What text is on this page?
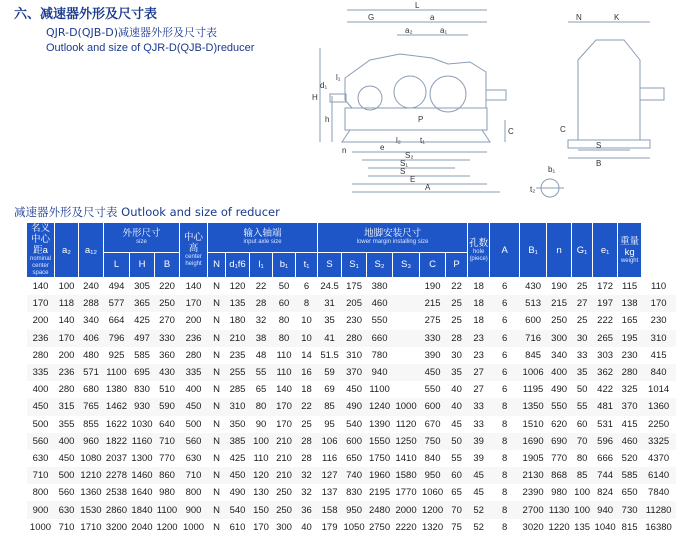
六、减速器外形及尺寸表
QJR-D(QJB-D)减速器外形及尺寸表
Outlook and size of QJR-D(QJB-D)reducer
L
G	a
a₂	a₁
H
h	P
S₁
S₂
S
E
A
n	e
l₁
l₂
d₁
t₁
C
N	K
S
B
b₁
t₂
C
减速器外形及尺寸表 Outlook and size of reducer
名义中心距a
nominal center space	a₂	a₁₂	外形尺寸
size			中心高
center height	输入轴端
input axle size					地脚安装尺寸
lower margin installing size						孔数
hole (piece)	A	B₁	n	G₁	e₁	重量kg
weight	

			L	H	B		N	d₁f6	l₁	b₁	t₁	S	S₁	S₂	S₃	C	P								
140	100	240	494	305	220	140	N	120	22	50	6	24.5	175	380		190	22	18	6	430	190	25	172	115	110
170	118	288	577	365	250	170	N	135	28	60	8	31	205	460		215	25	18	6	513	215	27	197	138	170
200	140	340	664	425	270	200	N	180	32	80	10	35	230	550		275	25	18	6	600	250	25	222	165	230
236	170	406	796	497	330	236	N	210	38	80	10	41	280	660		330	28	23	6	716	300	30	265	195	310
280	200	480	925	585	360	280	N	235	48	110	14	51.5	310	780		390	30	23	6	845	340	33	303	230	415
335	236	571	1100	695	430	335	N	255	55	110	16	59	370	940		450	35	27	6	1006	400	35	362	280	840
400	280	680	1380	830	510	400	N	285	65	140	18	69	450	1100		550	40	27	6	1195	490	50	422	325	1014
450	315	765	1462	930	590	450	N	310	80	170	22	85	490	1240	1000	600	40	33	8	1350	550	55	481	370	1360
500	355	855	1622	1030	640	500	N	350	90	170	25	95	540	1390	1120	670	45	33	8	1510	620	60	531	415	2250
560	400	960	1822	1160	710	560	N	385	100	210	28	106	600	1550	1250	750	50	39	8	1690	690	70	596	460	3325
630	450	1080	2037	1300	770	630	N	425	110	210	28	116	650	1750	1410	840	55	39	8	1905	770	80	666	520	4370
710	500	1210	2278	1460	860	710	N	450	120	210	32	127	740	1960	1580	950	60	45	8	2130	868	85	744	585	6140
800	560	1360	2538	1640	980	800	N	490	130	250	32	137	830	2195	1770	1060	65	45	8	2390	980	100	824	650	7840
900	630	1530	2860	1840	1100	900	N	540	150	250	36	158	950	2480	2000	1200	70	52	8	2700	1130	100	940	730	11280
1000	710	1710	3200	2040	1200	1000	N	610	170	300	40	179	1050	2750	2220	1320	75	52	8	3020	1220	135	1040	815	16380
